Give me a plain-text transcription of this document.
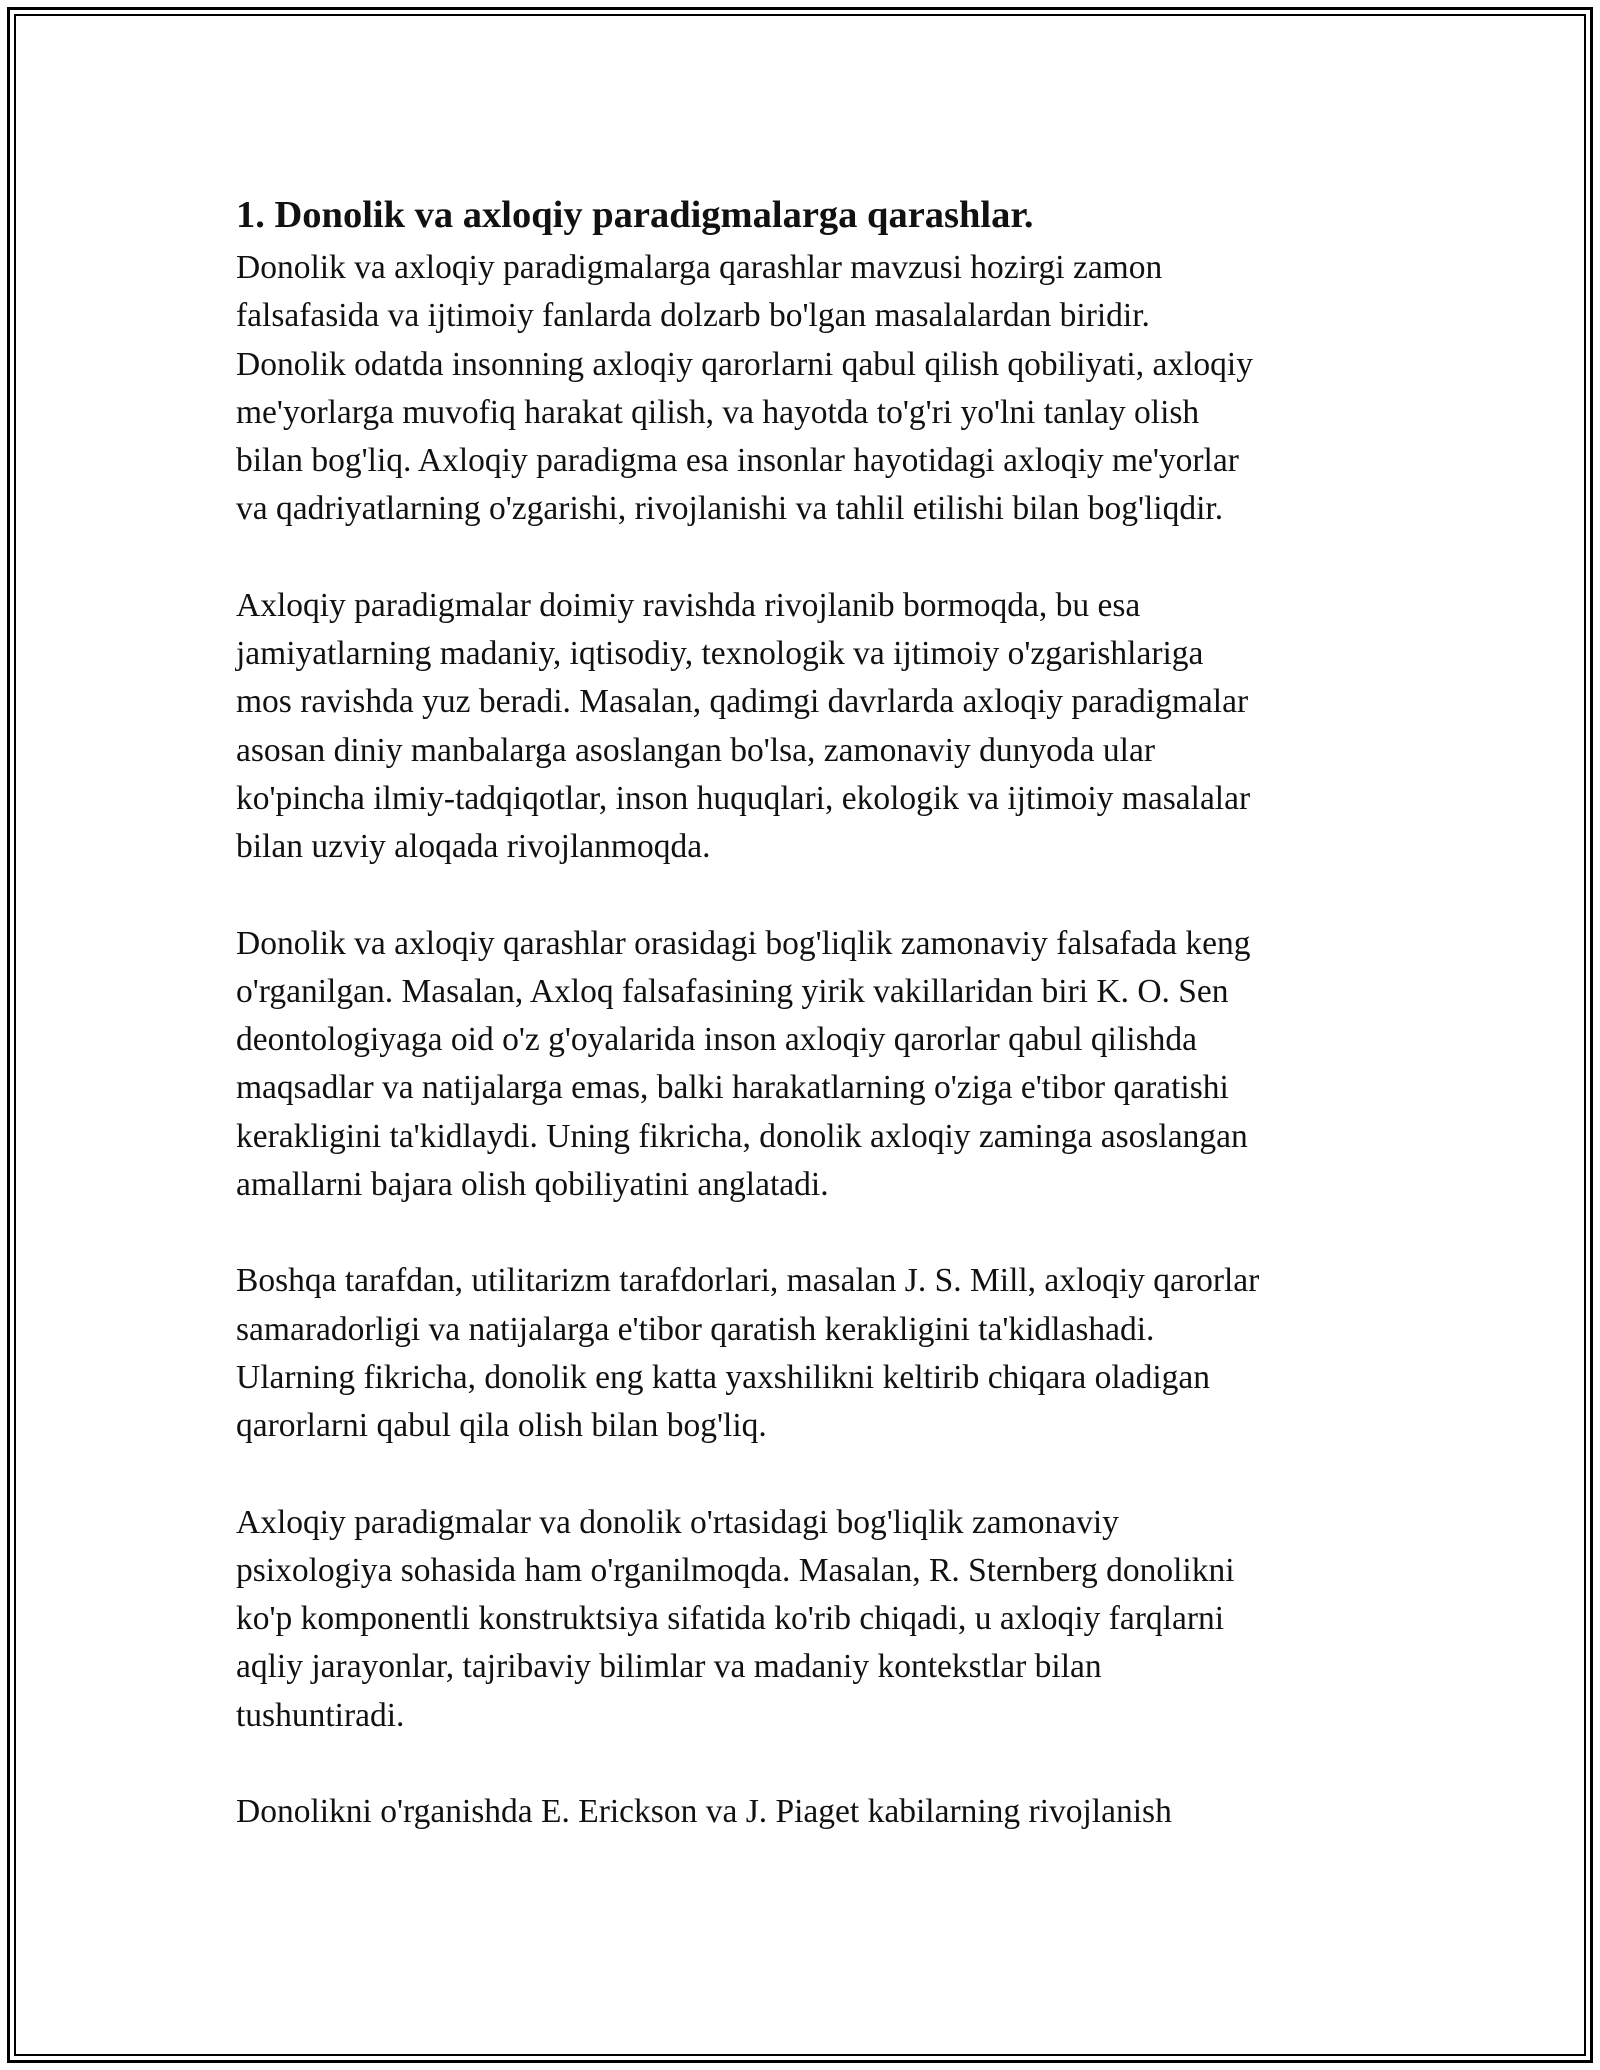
1. Donolik va axloqiy paradigmalarga qarashlar.

Donolik va axloqiy paradigmalarga qarashlar mavzusi hozirgi zamon
falsafasida va ijtimoiy fanlarda dolzarb bo'lgan masalalardan biridir.
Donolik odatda insonning axloqiy qarorlarni qabul qilish qobiliyati, axloqiy
me'yorlarga muvofiq harakat qilish, va hayotda to'g'ri yo'lni tanlay olish
bilan bog'liq. Axloqiy paradigma esa insonlar hayotidagi axloqiy me'yorlar
va qadriyatlarning o'zgarishi, rivojlanishi va tahlil etilishi bilan bog'liqdir.

Axloqiy paradigmalar doimiy ravishda rivojlanib bormoqda, bu esa
jamiyatlarning madaniy, iqtisodiy, texnologik va ijtimoiy o'zgarishlariga
mos ravishda yuz beradi. Masalan, qadimgi davrlarda axloqiy paradigmalar
asosan diniy manbalarga asoslangan bo'lsa, zamonaviy dunyoda ular
ko'pincha ilmiy-tadqiqotlar, inson huquqlari, ekologik va ijtimoiy masalalar
bilan uzviy aloqada rivojlanmoqda.

Donolik va axloqiy qarashlar orasidagi bog'liqlik zamonaviy falsafada keng
o'rganilgan. Masalan, Axloq falsafasining yirik vakillaridan biri K. O. Sen
deontologiyaga oid o'z g'oyalarida inson axloqiy qarorlar qabul qilishda
maqsadlar va natijalarga emas, balki harakatlarning o'ziga e'tibor qaratishi
kerakligini ta'kidlaydi. Uning fikricha, donolik axloqiy zaminga asoslangan
amallarni bajara olish qobiliyatini anglatadi.

Boshqa tarafdan, utilitarizm tarafdorlari, masalan J. S. Mill, axloqiy qarorlar
samaradorligi va natijalarga e'tibor qaratish kerakligini ta'kidlashadi.
Ularning fikricha, donolik eng katta yaxshilikni keltirib chiqara oladigan
qarorlarni qabul qila olish bilan bog'liq.

Axloqiy paradigmalar va donolik o'rtasidagi bog'liqlik zamonaviy
psixologiya sohasida ham o'rganilmoqda. Masalan, R. Sternberg donolikni
ko'p komponentli konstruktsiya sifatida ko'rib chiqadi, u axloqiy farqlarni
aqliy jarayonlar, tajribaviy bilimlar va madaniy kontekstlar bilan
tushuntiradi.

Donolikni o'rganishda E. Erickson va J. Piaget kabilarning rivojlanish
